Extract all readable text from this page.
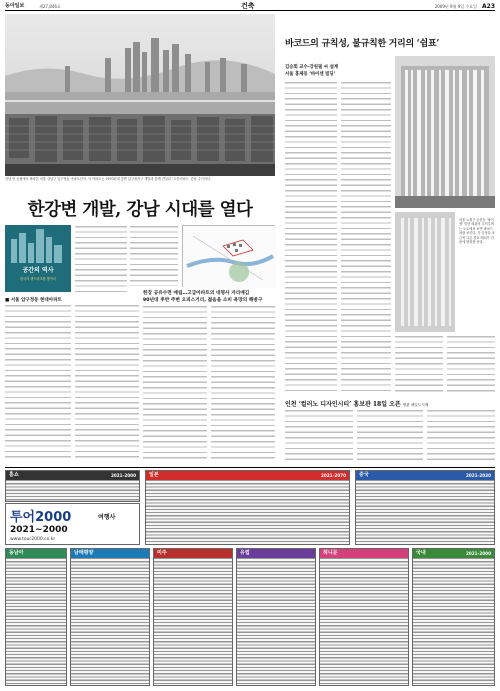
동아일보	제27,846호	건축	2009년 9월 9일 수요일 A23
강남 전 공원에서 바라본 서울 강남구 압구정동 아파트단지. 이 아파트는 1970년대 중반 압구정지구 개발과 함께 건설된 ‘고층아파트’ 중심 주거지다.
한강변 개발, 강남 시대를 열다
공간의 역사
한국의 랜드마크를 찾아서
■ 서울 압구정동 현대아파트
한강 공유수면 매립…고급아파트의 대명사 자리매김
90년대 후반 주변 오피스거리, 젊음을 소비 욕망의 해방구
바코드의 규칙성, 불규칙한 거리의 ‘쉼표’
김승회 교수-강원필 씨 설계
서울 홍제동 ‘바이센 빌딩’
서울 노원구 공릉동 ‘바이센’ 빌딩 외관의 수직루버는 도로에서 보면 바코드처럼 보인다. 각 층마다 조금씩 다른 창호 배치가 건물에 변화를 준다.
인천 ‘컬러노 디자인시티’ 홍보관 18일 오픈 명관 재일도시계
홈쇼	2021-2000
투어2000	여행사
2021~2000
www.tour2000.co.kr
일본	2021-2070	중국	2021-2030
동남아	남태평양	미주	유럽	허니문	국내	2021-2000
